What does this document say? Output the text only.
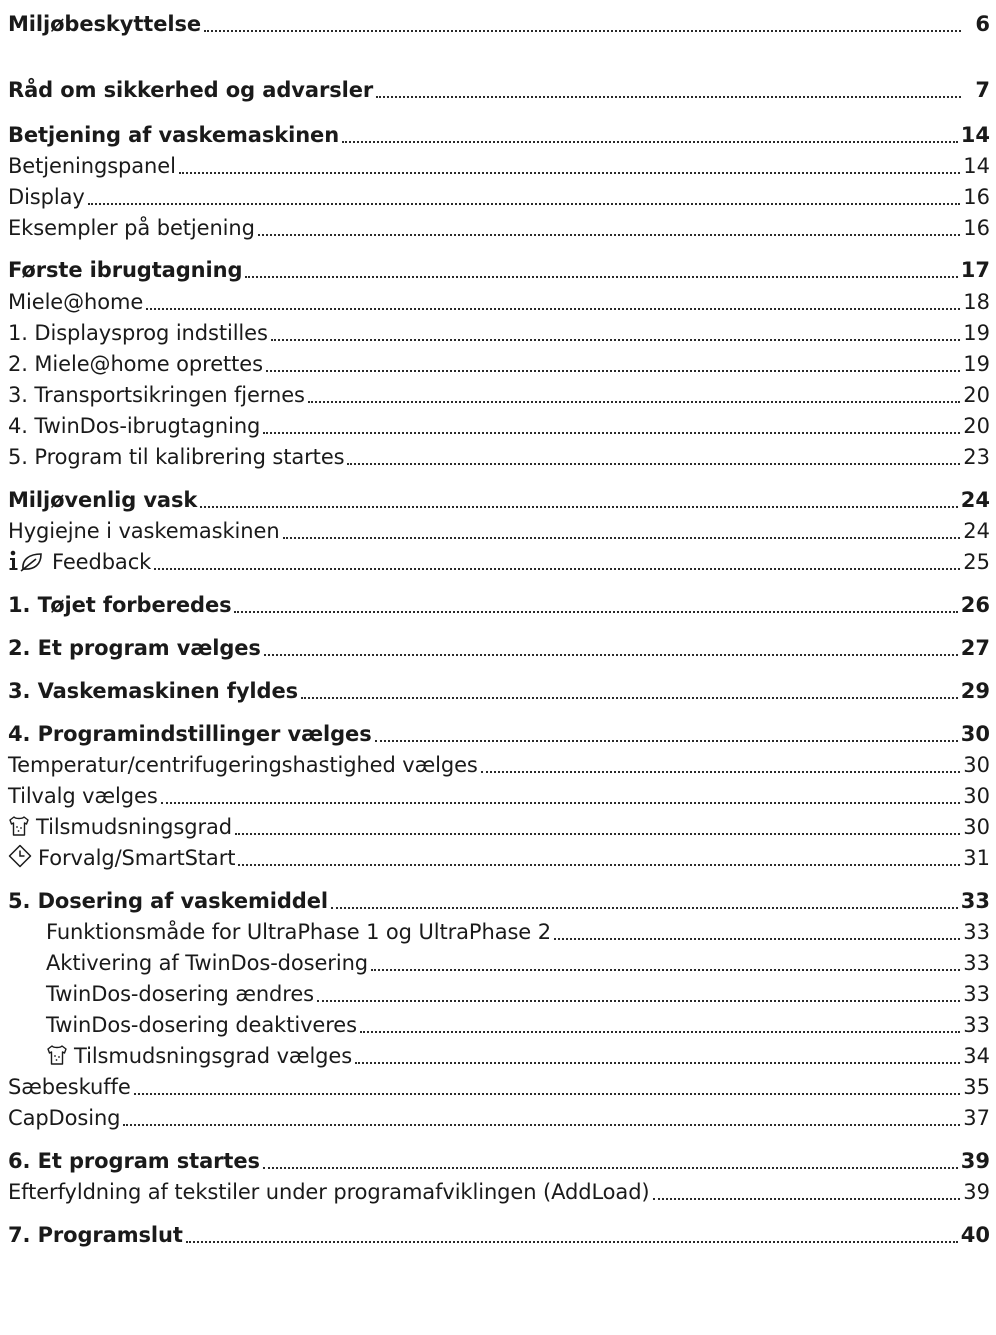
Miljøbeskyttelse	6
Råd om sikkerhed og advarsler	7
Betjening af vaskemaskinen	14
Betjeningspanel	14
Display	16
Eksempler på betjening	16
Første ibrugtagning	17
Miele@home	18
1. Displaysprog indstilles	19
2. Miele@home oprettes	19
3. Transportsikringen fjernes	20
4. TwinDos-ibrugtagning	20
5. Program til kalibrering startes	23
Miljøvenlig vask	24
Hygiejne i vaskemaskinen	24
Feedback	25
1. Tøjet forberedes	26
2. Et program vælges	27
3. Vaskemaskinen fyldes	29
4. Programindstillinger vælges	30
Temperatur/centrifugeringshastighed vælges	30
Tilvalg vælges	30
Tilsmudsningsgrad	30
Forvalg/SmartStart	31
5. Dosering af vaskemiddel	33
Funktionsmåde for UltraPhase 1 og UltraPhase 2	33
Aktivering af TwinDos-dosering	33
TwinDos-dosering ændres	33
TwinDos-dosering deaktiveres	33
Tilsmudsningsgrad vælges	34
Sæbeskuffe	35
CapDosing	37
6. Et program startes	39
Efterfyldning af tekstiler under programafviklingen (AddLoad)	39
7. Programslut	40
